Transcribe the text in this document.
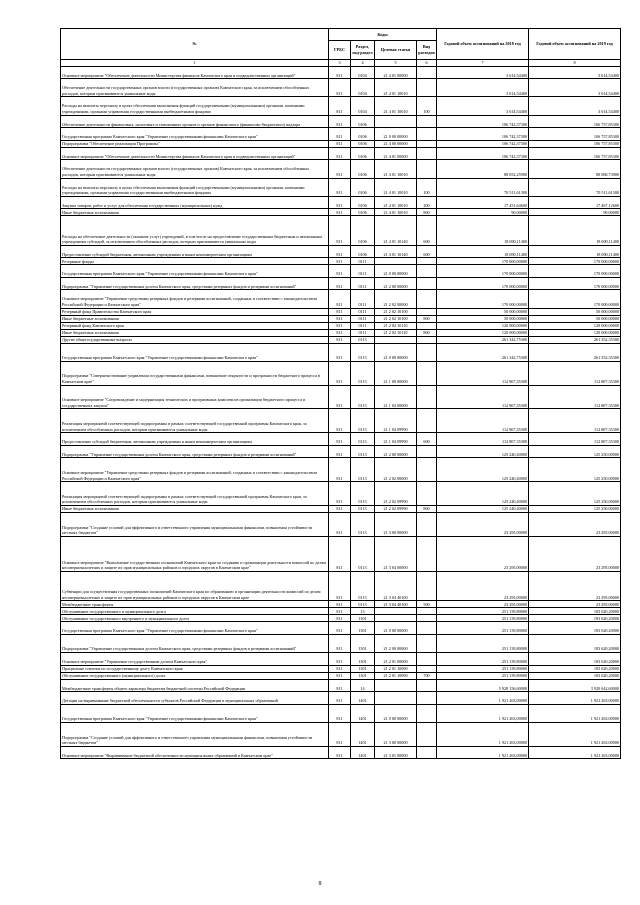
№	Коды				Годовой объем ассигнований на 2018 год	Годовой объем ассигнований на 2019 год
	ГРБС	Раздел, под-раздел	Целевая статья	Вид расходов		
1	3	4	5	6	7	8
Основное мероприятие "Обеспечение деятельности Министерства финансов Камчатского края и подведомственных организаций"	811	0104	21 4 01 00000		3 614,54400	3 614,54400
Обеспечение деятельности государственных органов власти (государственных органов) Камчатского края, за исключением обособленных расходов, которым присваиваются уникальные коды	811	0104	21 4 01 10010		3 614,54400	3 614,54400
Расходы на выплаты персоналу в целях обеспечения выполнения функций государственными (муниципальными) органами, казенными учреждениями, органами управления государственными внебюджетными фондами	811	0104	21 4 01 10010	100	3 614,54400	3 614,54400
Обеспечение деятельности финансовых, налоговых и таможенных органов и органов финансового (финансово-бюджетного) надзора	811	0106			106 742,37300	106 757,85300
Государственная программа Камчатского края "Управление государственными финансами Камчатского края"	811	0106	21 0 00 00000		106 742,37300	106 757,85300
Подпрограмма "Обеспечение реализации Программы"	811	0106	21 4 00 00000		106 742,37300	106 757,85300
Основное мероприятие "Обеспечение деятельности Министерства финансов Камчатского края и подведомственных организаций"	811	0106	21 4 01 00000		106 742,37300	106 757,85300
Обеспечение деятельности государственных органов власти (государственных органов) Камчатского края, за исключением обособленных расходов, которым присваиваются уникальные коды	811	0106	21 4 01 10010		88 052,25900	88 068,73900
Расходы на выплаты персоналу в целях обеспечения выполнения функций государственными (муниципальными) органами, казенными учреждениями, органами управления государственными внебюджетными фондами	811	0106	21 4 01 10010	100	70 511,61300	70 511,61300
Закупка товаров, работ и услуг для обеспечения государственных (муниципальных) нужд	811	0106	21 4 01 10010	200	17 451,64600	17 467,12600
Иные бюджетные ассигнования	811	0106	21 4 01 10010	800	90,00000	90,00000
Расходы на обеспечение деятельности (оказание услуг) учреждений, в том числе на предоставление государственным бюджетным и автономным учреждениям субсидий, за исключением обособленных расходов, которым присваиваются уникальные коды	811	0106	21 4 01 10140	600	18 690,11400	18 690,11400
Предоставление субсидий бюджетным, автономным учреждениям и иным некоммерческим организациям	811	0106	21 4 01 10140	600	18 690,11400	18 690,11400
Резервные фонды	811	0111			170 000,00000	170 000,00000
Государственная программа Камчатского края "Управление государственными финансами Камчатского края"	811	0111	21 0 00 00000		170 000,00000	170 000,00000
Подпрограмма "Управление государственным долгом Камчатского края, средствами резервных фондов и резервами ассигнований"	811	0111	21 2 00 00000		170 000,00000	170 000,00000
Основное мероприятие "Управление средствами резервных фондов и резервами ассигнований, созданных в соответствии с законодательством Российской Федерации и Камчатского края"	811	0111	21 2 02 00000		170 000,00000	170 000,00000
Резервный фонд Правительства Камчатского края	811	0111	21 2 02 10100		50 000,00000	50 000,00000
Иные бюджетные ассигнования	811	0111	21 2 02 10100	800	50 000,00000	50 000,00000
Резервный фонд Камчатского края	811	0111	21 2 02 10110		120 000,00000	120 000,00000
Иные бюджетные ассигнования	811	0111	21 2 02 10110	800	120 000,00000	120 000,00000
Другие общегосударственные вопросы	811	0113			261 342,75300	261 352,35300
Государственная программа Камчатского края "Управление государственными финансами Камчатского края"	811	0113	21 0 00 00000		261 342,75300	261 352,35300
Подпрограмма "Совершенствование управления государственными финансами, повышение открытости и прозрачности бюджетного процесса в Камчатском крае"	811	0113	21 1 00 00000		112 807,35300	112 807,35300
Основное мероприятие "Сопровождение и модернизация технических и программных комплексов организации бюджетного процесса и государственных закупок"	811	0113	21 1 04 00000		112 807,35300	112 807,35300
Реализация мероприятий соответствующей подпрограммы в рамках соответствующей государственной программы Камчатского края, за исключением обособленных расходов, которым присваиваются уникальные коды	811	0113	21 1 04 09990		112 807,35300	112 807,35300
Предоставление субсидий бюджетным, автономным учреждениям и иным некоммерческим организациям	811	0113	21 1 04 09990	600	112 807,35300	112 807,35300
Подпрограмма "Управление государственным долгом Камчатского края, средствами резервных фондов и резервами ассигнований"	811	0113	21 2 00 00000		125 240,40000	125 250,00000
Основное мероприятие "Управление средствами резервных фондов и резервами ассигнований, созданных в соответствии с законодательством Российской Федерации и Камчатского края"	811	0113	21 2 02 00000		125 240,40000	125 250,00000
Реализация мероприятий соответствующей подпрограммы в рамках соответствующей государственной программы Камчатского края, за исключением обособленных расходов, которым присваиваются уникальные коды	811	0113	21 2 02 09990		125 240,40000	125 250,00000
Иные бюджетные ассигнования	811	0113	21 2 02 09990	800	125 240,40000	125 250,00000
Подпрограмма "Создание условий для эффективного и ответственного управления муниципальными финансами, повышения устойчивости местных бюджетов"	811	0113	21 3 00 00000		23 295,00000	23 295,00000
Основное мероприятие "Выполнение государственных полномочий Камчатского края по созданию и организации деятельности комиссий по делам несовершеннолетних и защите их прав муниципальных районов и городских округов в Камчатском крае"	811	0113	21 3 04 00000		23 295,00000	23 295,00000
Субвенции для осуществления государственных полномочий Камчатского края по образованию и организации деятельности комиссий по делам несовершеннолетних и защите их прав муниципальных районов и городских округов в Камчатском крае	811	0113	21 3 04 40100		23 295,00000	23 295,00000
Межбюджетные трансферты	811	0113	21 3 04 40100	500	23 295,00000	23 295,00000
Обслуживание государственного и муниципального долга	811	13			251 139,80000	183 620,20000
Обслуживание государственного внутреннего и муниципального долга	811	1301			251 139,80000	183 620,20000
Государственная программа Камчатского края "Управление государственными финансами Камчатского края"	811	1301	21 0 00 00000		251 139,80000	183 620,20000
Подпрограмма "Управление государственным долгом Камчатского края, средствами резервных фондов и резервами ассигнований"	811	1301	21 2 00 00000		251 139,80000	183 620,20000
Основное мероприятие "Управление государственным долгом Камчатского края"	811	1301	21 2 01 00000		251 139,80000	183 620,20000
Процентные платежи по государственному долгу Камчатского края	811	1301	21 2 01 10090		251 139,80000	183 620,20000
Обслуживание государственного (муниципального) долга	811	1301	21 2 01 10090	700	251 139,80000	183 620,20000
Межбюджетные трансферты общего характера бюджетам бюджетной системы Российской Федерации	811	14			5 928 156,60000	3 920 642,60000
Дотации на выравнивание бюджетной обеспеченности субъектов Российской Федерации и муниципальных образований	811	1401			1 921 263,00000	1 921 263,00000
Государственная программа Камчатского края "Управление государственными финансами Камчатского края"	811	1401	21 0 00 00000		1 921 263,00000	1 921 263,00000
Подпрограмма "Создание условий для эффективного и ответственного управления муниципальными финансами, повышения устойчивости местных бюджетов"	811	1401	21 3 00 00000		1 921 263,00000	1 921 263,00000
Основное мероприятие "Выравнивание бюджетной обеспеченности муниципальных образований в Камчатском крае"	811	1401	21 3 01 00000		1 921 263,00000	1 921 263,00000
8
